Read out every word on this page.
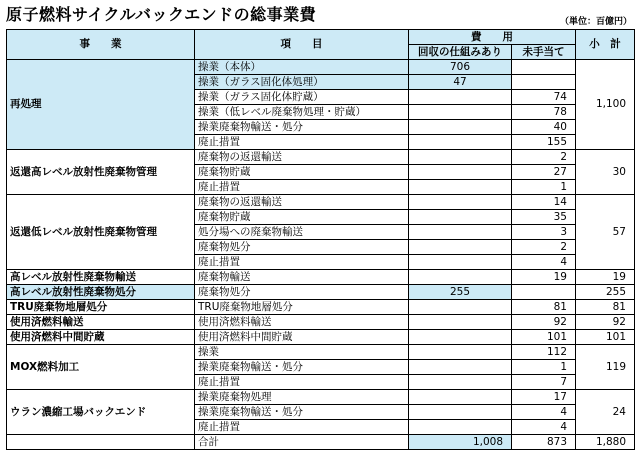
原子燃料サイクルバックエンドの総事業費	（単位：百億円）
事　　業	項　　目	費　　用		小　計
		回収の仕組みあり	未手当て	
再処理	操業（本体）	706		1,100
	操業（ガラス固化体処理）	47		
	操業（ガラス固化体貯蔵）		74	
	操業（低レベル廃棄物処理・貯蔵）		78	
	操業廃棄物輸送・処分		40	
	廃止措置		155	
返還高レベル放射性廃棄物管理	廃棄物の返還輸送		2	30
	廃棄物貯蔵		27	
	廃止措置		1	
返還低レベル放射性廃棄物管理	廃棄物の返還輸送		14	57
	廃棄物貯蔵		35	
	処分場への廃棄物輸送		3	
	廃棄物処分		2	
	廃止措置		4	
高レベル放射性廃棄物輸送	廃棄物輸送		19	19
高レベル放射性廃棄物処分	廃棄物処分	255		255
TRU廃棄物地層処分	TRU廃棄物地層処分		81	81
使用済燃料輸送	使用済燃料輸送		92	92
使用済燃料中間貯蔵	使用済燃料中間貯蔵		101	101
MOX燃料加工	操業		112	119
	操業廃棄物輸送・処分		1	
	廃止措置		7	
ウラン濃縮工場バックエンド	操業廃棄物処理		17	24
	操業廃棄物輸送・処分		4	
	廃止措置		4	
	合計	1,008	873	1,880
